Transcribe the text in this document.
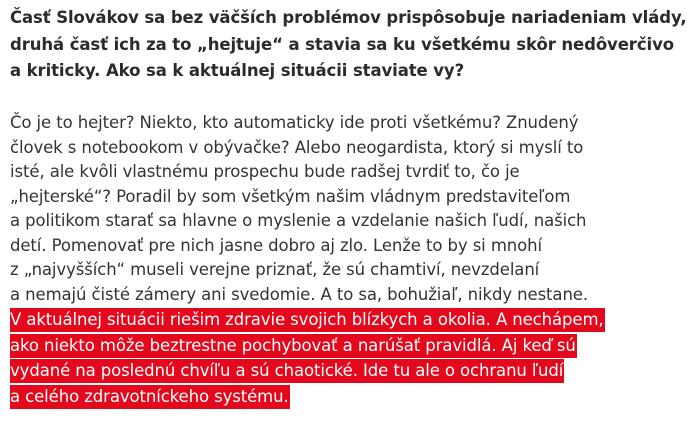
Časť Slovákov sa bez väčších problémov prispôsobuje nariadeniam vlády,
druhá časť ich za to „hejtuje“ a stavia sa ku všetkému skôr nedôverčivo
a kriticky. Ako sa k aktuálnej situácii staviate vy?

Čo je to hejter? Niekto, kto automaticky ide proti všetkému? Znudený
človek s notebookom v obývačke? Alebo neogardista, ktorý si myslí to
isté, ale kvôli vlastnému prospechu bude radšej tvrdiť to, čo je
„hejterské“? Poradil by som všetkým našim vládnym predstaviteľom
a politikom starať sa hlavne o myslenie a vzdelanie našich ľudí, našich
detí. Pomenovať pre nich jasne dobro aj zlo. Lenže to by si mnohí
z „najvyšších“ museli verejne priznať, že sú chamtiví, nevzdelaní
a nemajú čisté zámery ani svedomie. A to sa, bohužiaľ, nikdy nestane.
V aktuálnej situácii riešim zdravie svojich blízkych a okolia. A nechápem,
ako niekto môže beztrestne pochybovať a narúšať pravidlá. Aj keď sú
vydané na poslednú chvíľu a sú chaotické. Ide tu ale o ochranu ľudí
a celého zdravotníckeho systému.
